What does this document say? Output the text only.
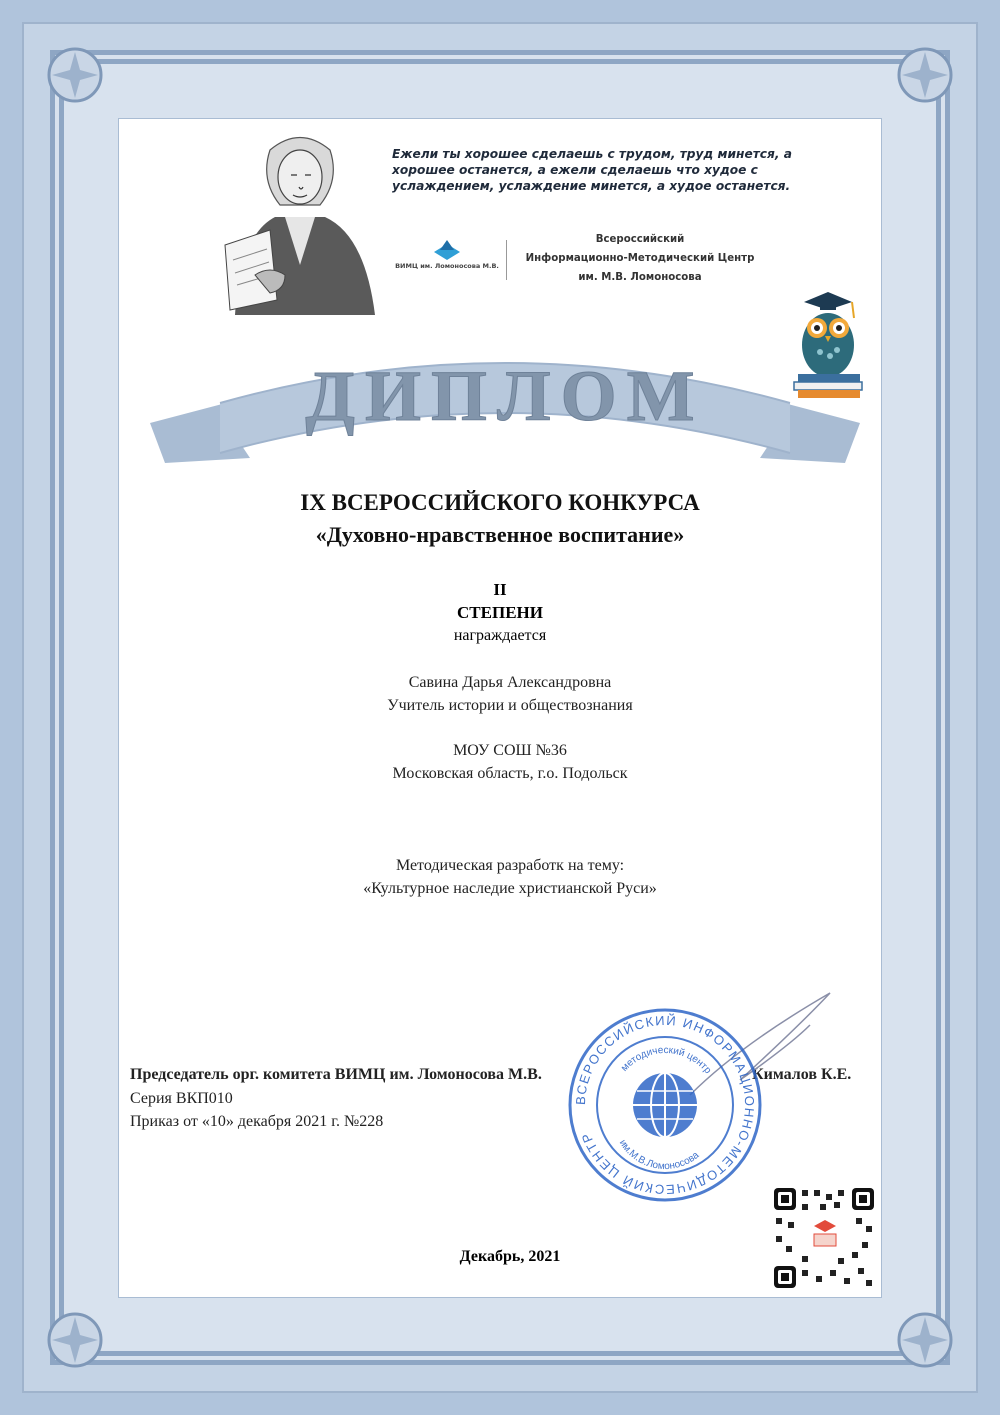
Ежели ты хорошее сделаешь с трудом, труд минется, а
хорошее останется, а ежели сделаешь что худое с
услаждением, услаждение минется, а худое останется.
ВИМЦ им. Ломоносова М.В.
Всероссийский
Информационно-Методический Центр
им. М.В. Ломоносова
ДИПЛОМ
IX ВСЕРОССИЙСКОГО КОНКУРСА
«Духовно-нравственное воспитание»
II
СТЕПЕНИ
награждается
Савина Дарья Александровна
Учитель истории и обществознания
МОУ СОШ №36
Московская область, г.о. Подольск
Методическая разработк на тему:
«Культурное наследие христианской Руси»
Председатель орг. комитета ВИМЦ им. Ломоносова М.В.	Кималов К.Е.
Серия ВКП010
Приказ от «10» декабря 2021 г. №228
ВСЕРОССИЙСКИЙ ИНФОРМАЦИОННО-МЕТОДИЧЕСКИЙ ЦЕНТР
методический центр
им.М.В.Ломоносова
Декабрь, 2021
